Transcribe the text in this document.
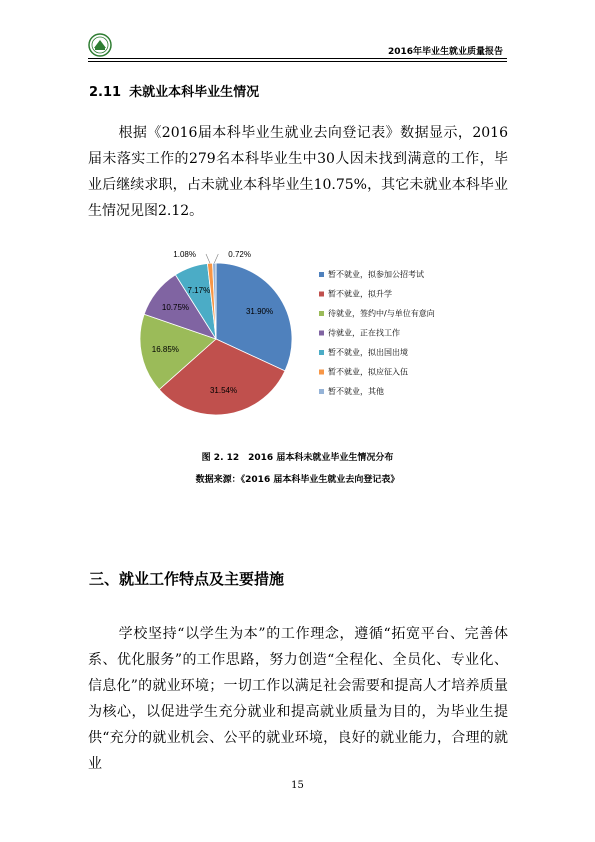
2016年毕业生就业质量报告
2.11 未就业本科毕业生情况

根据《2016届本科毕业生就业去向登记表》数据显示，2016届未落实工作的279名本科毕业生中30人因未找到满意的工作，毕业后继续求职，占未就业本科毕业生10.75%，其它未就业本科毕业生情况见图2.12。

31.90%
暂不就业，拟参加公招考试
31.54%
暂不就业，拟升学
16.85%
待就业，签约中/与单位有意向
10.75%
待就业，正在找工作
7.17%
暂不就业，拟出国出境
1.08%
暂不就业，拟应征入伍
0.72%
暂不就业，其他
图 2. 12　2016 届本科未就业毕业生情况分布
数据来源：《2016 届本科毕业生就业去向登记表》
三、就业工作特点及主要措施

学校坚持“以学生为本”的工作理念，遵循“拓宽平台、完善体系、优化服务”的工作思路，努力创造“全程化、全员化、专业化、信息化”的就业环境；一切工作以满足社会需要和提高人才培养质量为核心，以促进学生充分就业和提高就业质量为目的，为毕业生提供“充分的就业机会、公平的就业环境，良好的就业能力，合理的就业

15
